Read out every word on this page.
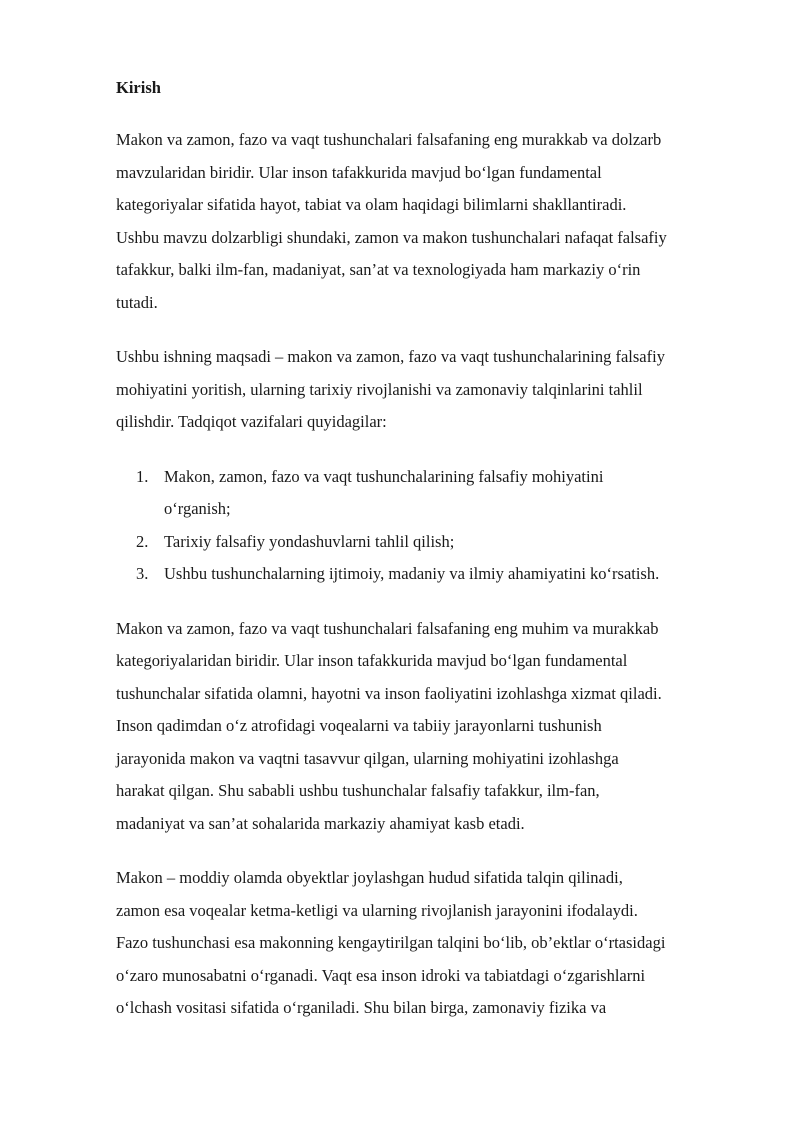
Kirish

Makon va zamon, fazo va vaqt tushunchalari falsafaning eng murakkab va dolzarb
mavzularidan biridir. Ular inson tafakkurida mavjud bo‘lgan fundamental
kategoriyalar sifatida hayot, tabiat va olam haqidagi bilimlarni shakllantiradi.
Ushbu mavzu dolzarbligi shundaki, zamon va makon tushunchalari nafaqat falsafiy
tafakkur, balki ilm-fan, madaniyat, san’at va texnologiyada ham markaziy o‘rin
tutadi.

Ushbu ishning maqsadi – makon va zamon, fazo va vaqt tushunchalarining falsafiy
mohiyatini yoritish, ularning tarixiy rivojlanishi va zamonaviy talqinlarini tahlil
qilishdir. Tadqiqot vazifalari quyidagilar:

1. Makon, zamon, fazo va vaqt tushunchalarining falsafiy mohiyatini
o‘rganish;
2. Tarixiy falsafiy yondashuvlarni tahlil qilish;
3. Ushbu tushunchalarning ijtimoiy, madaniy va ilmiy ahamiyatini ko‘rsatish.

Makon va zamon, fazo va vaqt tushunchalari falsafaning eng muhim va murakkab
kategoriyalaridan biridir. Ular inson tafakkurida mavjud bo‘lgan fundamental
tushunchalar sifatida olamni, hayotni va inson faoliyatini izohlashga xizmat qiladi.
Inson qadimdan o‘z atrofidagi voqealarni va tabiiy jarayonlarni tushunish
jarayonida makon va vaqtni tasavvur qilgan, ularning mohiyatini izohlashga
harakat qilgan. Shu sababli ushbu tushunchalar falsafiy tafakkur, ilm-fan,
madaniyat va san’at sohalarida markaziy ahamiyat kasb etadi.

Makon – moddiy olamda obyektlar joylashgan hudud sifatida talqin qilinadi,
zamon esa voqealar ketma-ketligi va ularning rivojlanish jarayonini ifodalaydi.
Fazo tushunchasi esa makonning kengaytirilgan talqini bo‘lib, ob’ektlar o‘rtasidagi
o‘zaro munosabatni o‘rganadi. Vaqt esa inson idroki va tabiatdagi o‘zgarishlarni
o‘lchash vositasi sifatida o‘rganiladi. Shu bilan birga, zamonaviy fizika va
